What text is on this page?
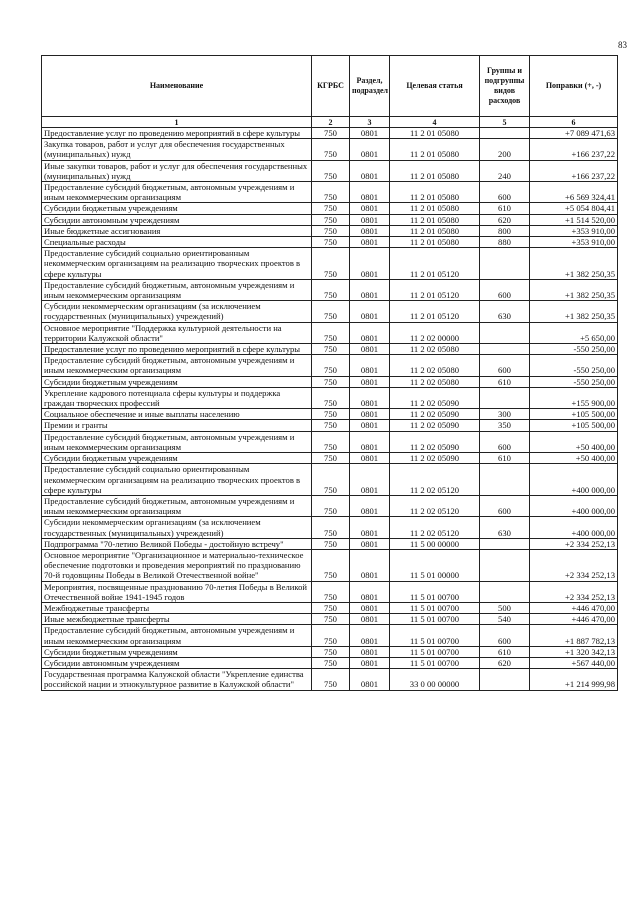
83
Наименование	КГРБС	Раздел, подраздел	Целевая статья	Группы и подгруппы видов расходов	Поправки (+, -)
1	2	3	4	5	6
Предоставление услуг по проведению мероприятий в сфере культуры	750	0801	11 2 01 05080		+7 089 471,63
Закупка товаров, работ и услуг для обеспечения государственных (муниципальных) нужд	750	0801	11 2 01 05080	200	+166 237,22
Иные закупки товаров, работ и услуг для обеспечения государственных (муниципальных) нужд	750	0801	11 2 01 05080	240	+166 237,22
Предоставление субсидий бюджетным, автономным учреждениям и иным некоммерческим организациям	750	0801	11 2 01 05080	600	+6 569 324,41
Субсидии бюджетным учреждениям	750	0801	11 2 01 05080	610	+5 054 804,41
Субсидии автономным учреждениям	750	0801	11 2 01 05080	620	+1 514 520,00
Иные бюджетные ассигнования	750	0801	11 2 01 05080	800	+353 910,00
Специальные расходы	750	0801	11 2 01 05080	880	+353 910,00
Предоставление субсидий социально ориентированным некоммерческим организациям на реализацию творческих проектов в сфере культуры	750	0801	11 2 01 05120		+1 382 250,35
Предоставление субсидий бюджетным, автономным учреждениям и иным некоммерческим организациям	750	0801	11 2 01 05120	600	+1 382 250,35
Субсидии некоммерческим организациям (за исключением государственных (муниципальных) учреждений)	750	0801	11 2 01 05120	630	+1 382 250,35
Основное мероприятие "Поддержка культурной деятельности на территории Калужской области"	750	0801	11 2 02 00000		+5 650,00
Предоставление услуг по проведению мероприятий в сфере культуры	750	0801	11 2 02 05080		-550 250,00
Предоставление субсидий бюджетным, автономным учреждениям и иным некоммерческим организациям	750	0801	11 2 02 05080	600	-550 250,00
Субсидии бюджетным учреждениям	750	0801	11 2 02 05080	610	-550 250,00
Укрепление кадрового потенциала сферы культуры и поддержка граждан творческих профессий	750	0801	11 2 02 05090		+155 900,00
Социальное обеспечение и иные выплаты населению	750	0801	11 2 02 05090	300	+105 500,00
Премии и гранты	750	0801	11 2 02 05090	350	+105 500,00
Предоставление субсидий бюджетным, автономным учреждениям и иным некоммерческим организациям	750	0801	11 2 02 05090	600	+50 400,00
Субсидии бюджетным учреждениям	750	0801	11 2 02 05090	610	+50 400,00
Предоставление субсидий социально ориентированным некоммерческим организациям на реализацию творческих проектов в сфере культуры	750	0801	11 2 02 05120		+400 000,00
Предоставление субсидий бюджетным, автономным учреждениям и иным некоммерческим организациям	750	0801	11 2 02 05120	600	+400 000,00
Субсидии некоммерческим организациям (за исключением государственных (муниципальных) учреждений)	750	0801	11 2 02 05120	630	+400 000,00
Подпрограмма "70-летию Великой Победы - достойную встречу"	750	0801	11 5 00 00000		+2 334 252,13
Основное мероприятие "Организационное и материально-техническое обеспечение подготовки и проведения мероприятий по празднованию 70-й годовщины Победы в Великой Отечественной войне"	750	0801	11 5 01 00000		+2 334 252,13
Мероприятия, посвященные празднованию 70-летия Победы в Великой Отечественной войне 1941-1945 годов	750	0801	11 5 01 00700		+2 334 252,13
Межбюджетные трансферты	750	0801	11 5 01 00700	500	+446 470,00
Иные межбюджетные трансферты	750	0801	11 5 01 00700	540	+446 470,00
Предоставление субсидий бюджетным, автономным учреждениям и иным некоммерческим организациям	750	0801	11 5 01 00700	600	+1 887 782,13
Субсидии бюджетным учреждениям	750	0801	11 5 01 00700	610	+1 320 342,13
Субсидии автономным учреждениям	750	0801	11 5 01 00700	620	+567 440,00
Государственная программа Калужской области "Укрепление единства российской нации и этнокультурное развитие в Калужской области"	750	0801	33 0 00 00000		+1 214 999,98
